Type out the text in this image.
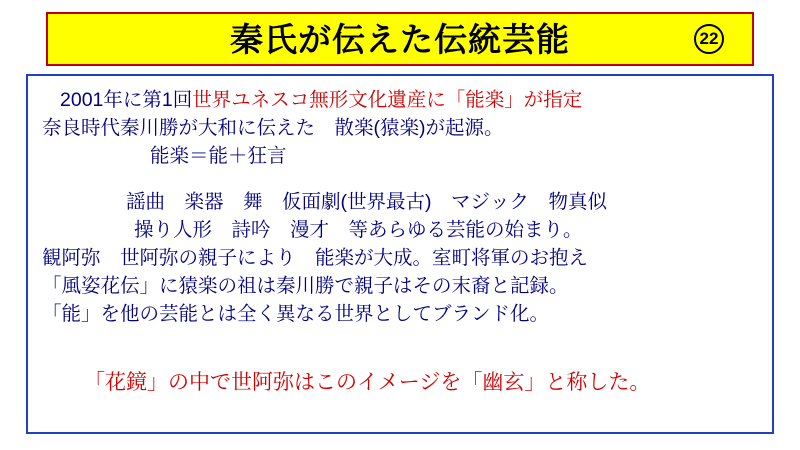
秦氏が伝えた伝統芸能	22
2001年に第1回世界ユネスコ無形文化遺産に「能楽」が指定
奈良時代秦川勝が大和に伝えた　散楽(猿楽)が起源。
能楽＝能＋狂言
謡曲　楽器　舞　仮面劇(世界最古)　マジック　物真似
操り人形　詩吟　漫才　等あらゆる芸能の始まり。
観阿弥　世阿弥の親子により　能楽が大成。室町将軍のお抱え
「風姿花伝」に猿楽の祖は秦川勝で親子はその末裔と記録。
「能」を他の芸能とは全く異なる世界としてブランド化。
「花鏡」の中で世阿弥はこのイメージを「幽玄」と称した。
